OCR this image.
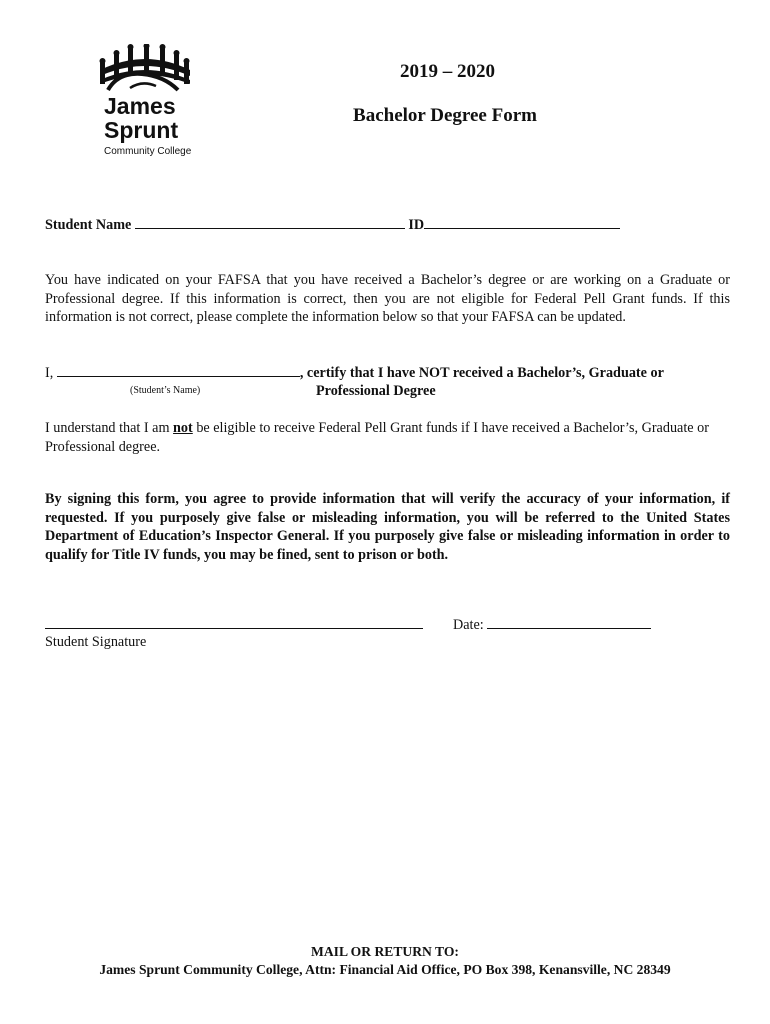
James
Sprunt
Community College
2019 – 2020
Bachelor Degree Form
Student Name	ID
You have indicated on your FAFSA that you have received a Bachelor’s degree or are working on a Graduate or Professional degree. If this information is correct, then you are not eligible for Federal Pell Grant funds. If this information is not correct, please complete the information below so that your FAFSA can be updated.
I,	, certify that I have NOT received a Bachelor’s, Graduate or
(Student’s Name)	Professional Degree
I understand that I am not be eligible to receive Federal Pell Grant funds if I have received a Bachelor’s, Graduate or Professional degree.
By signing this form, you agree to provide information that will verify the accuracy of your information, if requested. If you purposely give false or misleading information, you will be referred to the United States Department of Education’s Inspector General. If you purposely give false or misleading information in order to qualify for Title IV funds, you may be fined, sent to prison or both.
Student Signature
Date:
MAIL OR RETURN TO:
James Sprunt Community College, Attn: Financial Aid Office, PO Box 398, Kenansville, NC 28349
